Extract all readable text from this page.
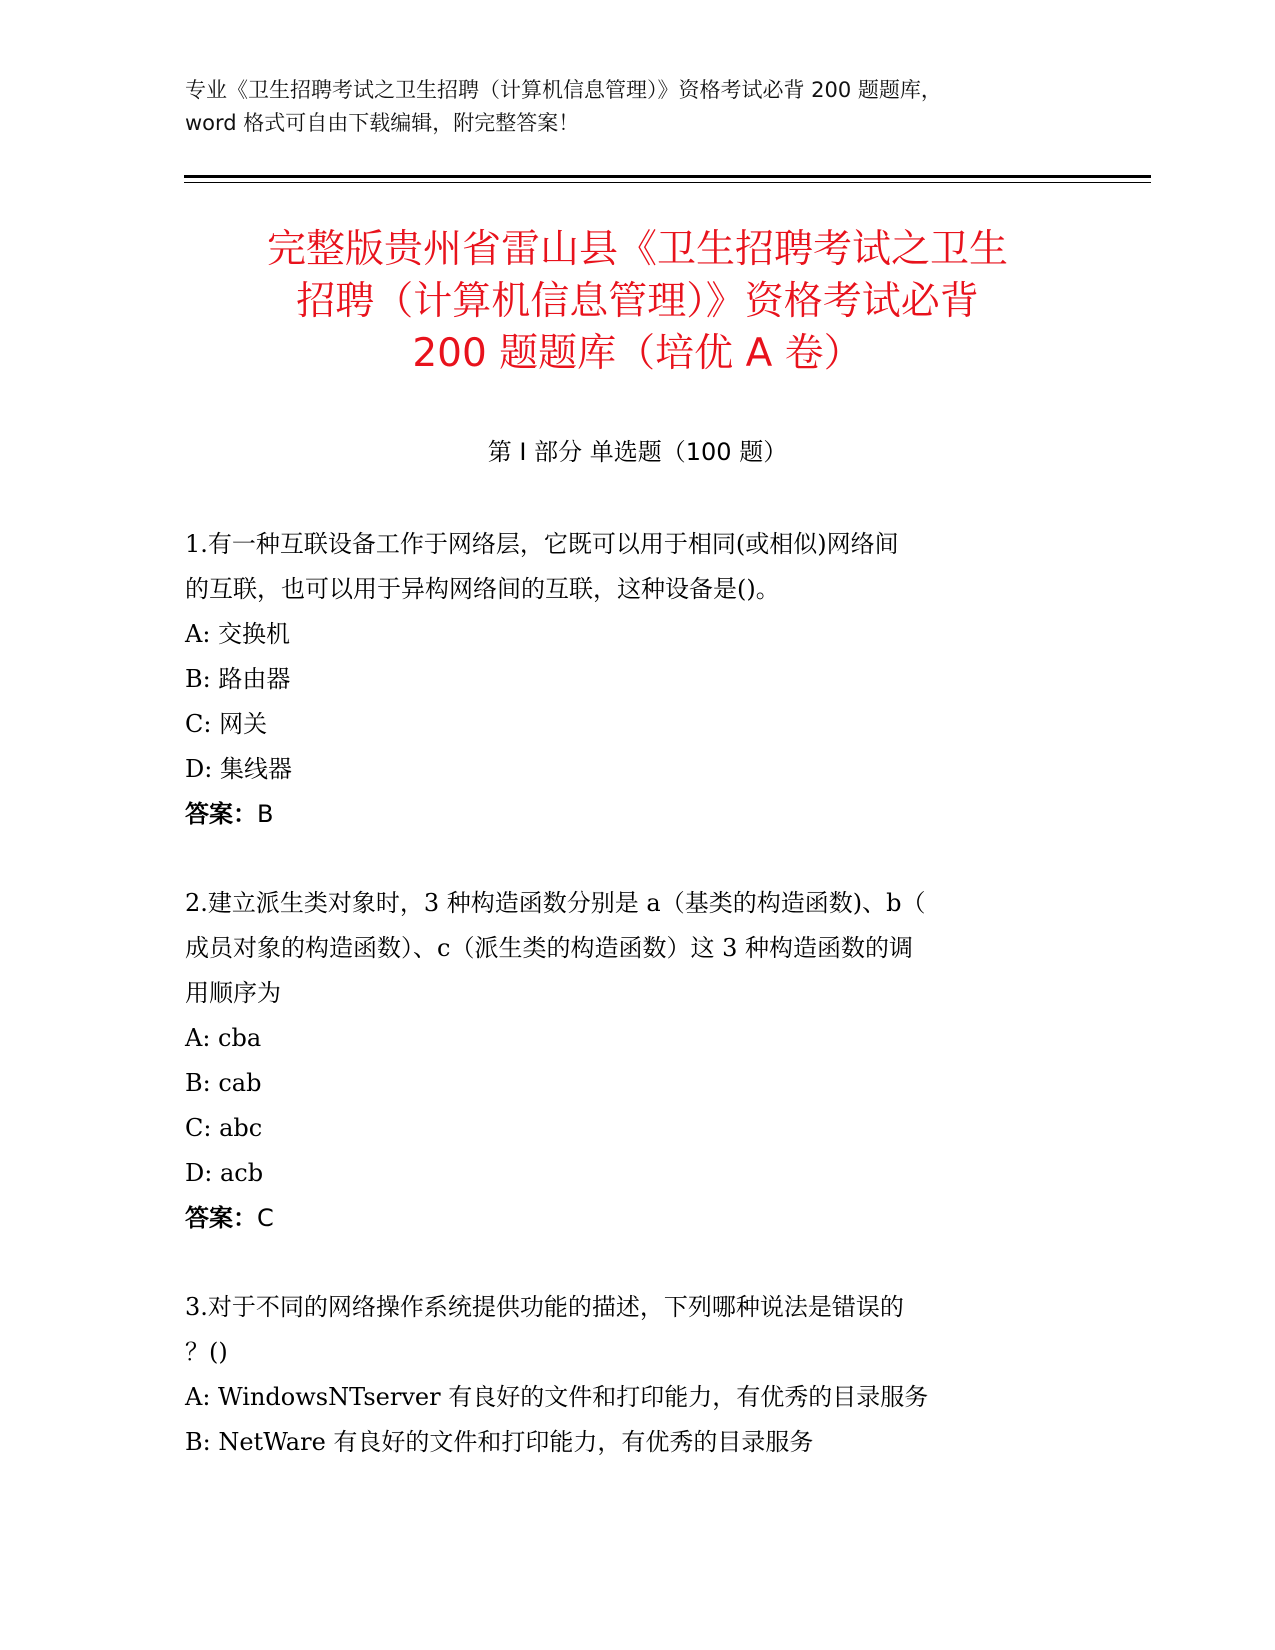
专业《卫生招聘考试之卫生招聘（计算机信息管理）》资格考试必背 200 题题库，
word 格式可自由下载编辑，附完整答案！
完整版贵州省雷山县《卫生招聘考试之卫生
招聘（计算机信息管理）》资格考试必背
200 题题库（培优 A 卷）
第 I 部分 单选题（100 题）
1.有一种互联设备工作于网络层，它既可以用于相同(或相似)网络间
的互联，也可以用于异构网络间的互联，这种设备是()。
A: 交换机
B: 路由器
C: 网关
D: 集线器
答案：B
2.建立派生类对象时，3 种构造函数分别是 a（基类的构造函数)、b（
成员对象的构造函数）、c（派生类的构造函数）这 3 种构造函数的调
用顺序为
A: cba
B: cab
C: abc
D: acb
答案：C
3.对于不同的网络操作系统提供功能的描述，下列哪种说法是错误的
？()
A: WindowsNTserver 有良好的文件和打印能力，有优秀的目录服务
B: NetWare 有良好的文件和打印能力，有优秀的目录服务
